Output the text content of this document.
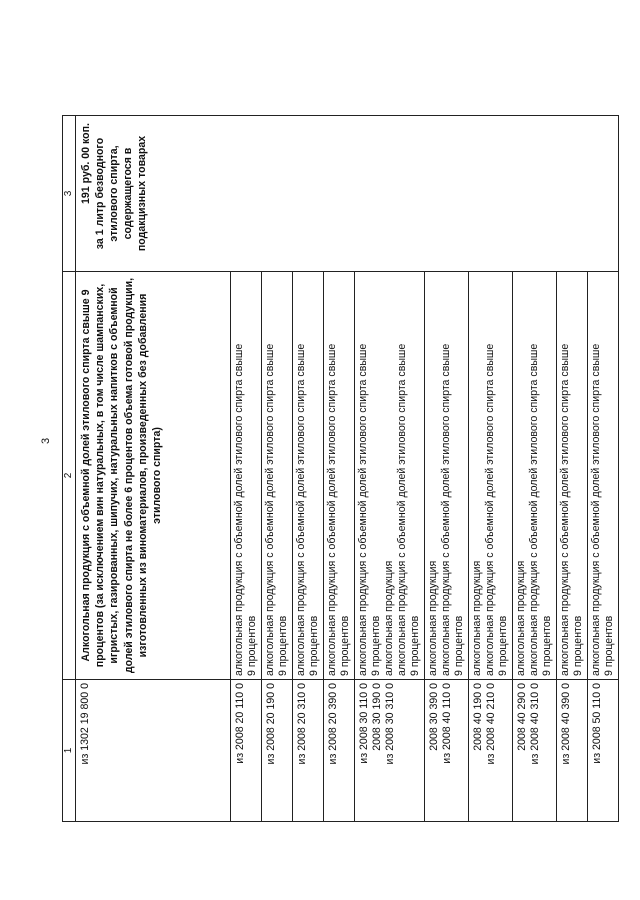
3
1	2	3

из 1302 19 800 0	Алкогольная продукция с объемной долей этилового спирта свыше 9 процентов (за исключением вин натуральных, в том числе шампанских, игристых, газированных, шипучих, натуральных напитков с объемной долей этилового спирта не более 6 процентов объема готовой продукции, изготовленных из виноматериалов, произведенных без добавления этилового спирта)	191 руб. 00 коп. за 1 литр безводного этилового спирта, содержащегося в подакцизных товарах

из 2008 20 110 0	алкогольная продукция с объемной долей этилового спирта свыше 9 процентов	

из 2008 20 190 0	алкогольная продукция с объемной долей этилового спирта свыше 9 процентов	

из 2008 20 310 0	алкогольная продукция с объемной долей этилового спирта свыше 9 процентов	

из 2008 20 390 0	алкогольная продукция с объемной долей этилового спирта свыше 9 процентов	

из 2008 30 110 0 2008 30 190 0 из 2008 30 310 0	алкогольная продукция с объемной долей этилового спирта свыше 9 процентов алкогольная продукция алкогольная продукция с объемной долей этилового спирта свыше 9 процентов	

2008 30 390 0 из 2008 40 110 0	алкогольная продукция алкогольная продукция с объемной долей этилового спирта свыше 9 процентов	

2008 40 190 0 из 2008 40 210 0	алкогольная продукция алкогольная продукция с объемной долей этилового спирта свыше 9 процентов	

2008 40 290 0 из 2008 40 310 0	алкогольная продукция алкогольная продукция с объемной долей этилового спирта свыше 9 процентов	

из 2008 40 390 0	алкогольная продукция с объемной долей этилового спирта свыше 9 процентов	

из 2008 50 110 0	алкогольная продукция с объемной долей этилового спирта свыше 9 процентов	
